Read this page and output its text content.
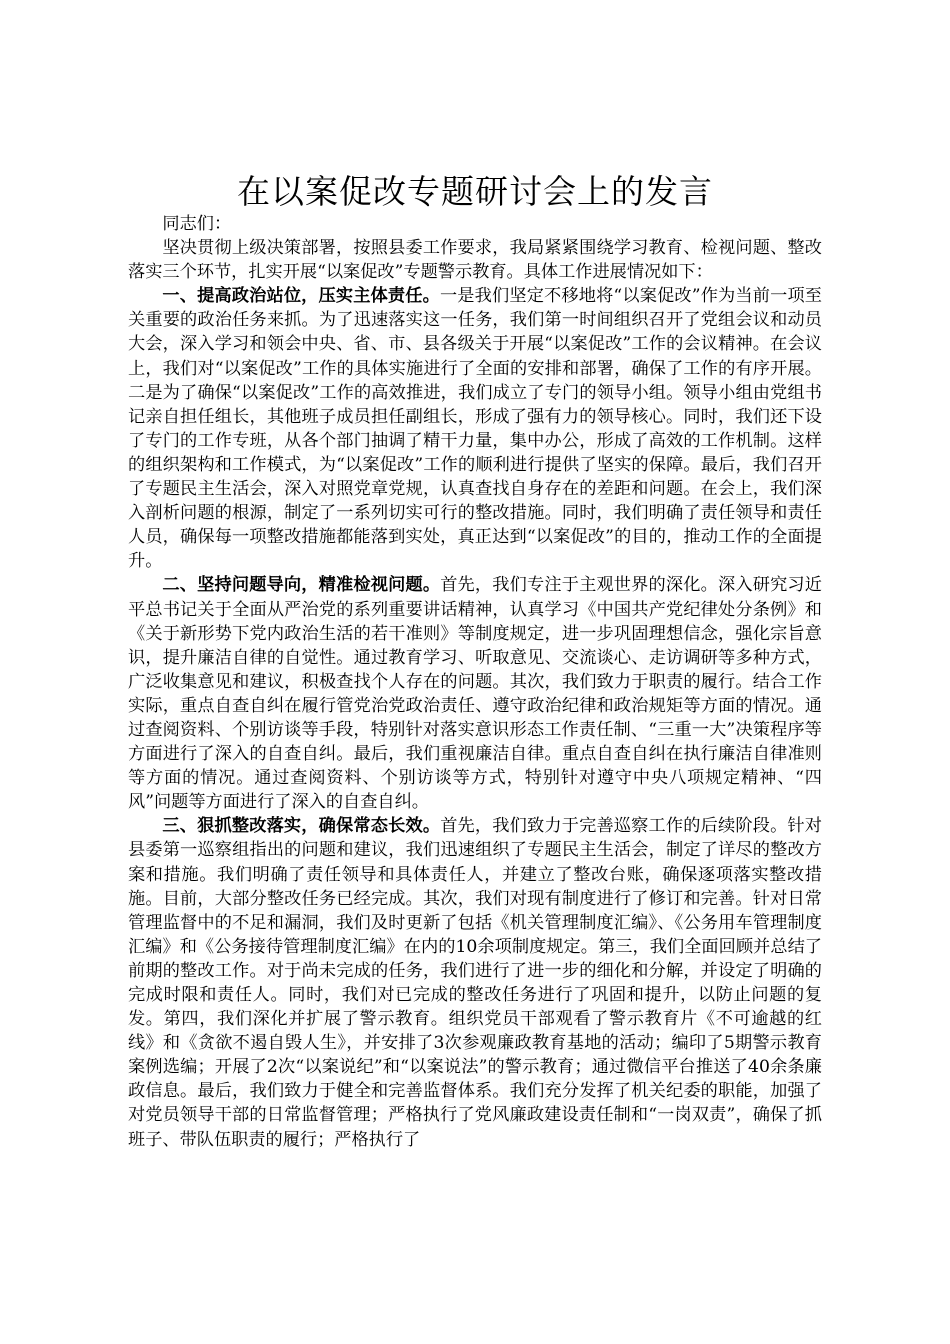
在以案促改专题研讨会上的发言

同志们：

坚决贯彻上级决策部署，按照县委工作要求，我局紧紧围绕学习教育、检视问题、整改落实三个环节，扎实开展“以案促改”专题警示教育。具体工作进展情况如下：

一、提高政治站位，压实主体责任。一是我们坚定不移地将“以案促改”作为当前一项至关重要的政治任务来抓。为了迅速落实这一任务，我们第一时间组织召开了党组会议和动员大会，深入学习和领会中央、省、市、县各级关于开展“以案促改”工作的会议精神。在会议上，我们对“以案促改”工作的具体实施进行了全面的安排和部署，确保了工作的有序开展。二是为了确保“以案促改”工作的高效推进，我们成立了专门的领导小组。领导小组由党组书记亲自担任组长，其他班子成员担任副组长，形成了强有力的领导核心。同时，我们还下设了专门的工作专班，从各个部门抽调了精干力量，集中办公，形成了高效的工作机制。这样的组织架构和工作模式，为“以案促改”工作的顺利进行提供了坚实的保障。最后，我们召开了专题民主生活会，深入对照党章党规，认真查找自身存在的差距和问题。在会上，我们深入剖析问题的根源，制定了一系列切实可行的整改措施。同时，我们明确了责任领导和责任人员，确保每一项整改措施都能落到实处，真正达到“以案促改”的目的，推动工作的全面提升。

二、坚持问题导向，精准检视问题。首先，我们专注于主观世界的深化。深入研究习近平总书记关于全面从严治党的系列重要讲话精神，认真学习《中国共产党纪律处分条例》和《关于新形势下党内政治生活的若干准则》等制度规定，进一步巩固理想信念，强化宗旨意识，提升廉洁自律的自觉性。通过教育学习、听取意见、交流谈心、走访调研等多种方式，广泛收集意见和建议，积极查找个人存在的问题。其次，我们致力于职责的履行。结合工作实际，重点自查自纠在履行管党治党政治责任、遵守政治纪律和政治规矩等方面的情况。通过查阅资料、个别访谈等手段，特别针对落实意识形态工作责任制、“三重一大”决策程序等方面进行了深入的自查自纠。最后，我们重视廉洁自律。重点自查自纠在执行廉洁自律准则等方面的情况。通过查阅资料、个别访谈等方式，特别针对遵守中央八项规定精神、“四风”问题等方面进行了深入的自查自纠。

三、狠抓整改落实，确保常态长效。首先，我们致力于完善巡察工作的后续阶段。针对县委第一巡察组指出的问题和建议，我们迅速组织了专题民主生活会，制定了详尽的整改方案和措施。我们明确了责任领导和具体责任人，并建立了整改台账，确保逐项落实整改措施。目前，大部分整改任务已经完成。其次，我们对现有制度进行了修订和完善。针对日常管理监督中的不足和漏洞，我们及时更新了包括《机关管理制度汇编》、《公务用车管理制度汇编》和《公务接待管理制度汇编》在内的10余项制度规定。第三，我们全面回顾并总结了前期的整改工作。对于尚未完成的任务，我们进行了进一步的细化和分解，并设定了明确的完成时限和责任人。同时，我们对已完成的整改任务进行了巩固和提升，以防止问题的复发。第四，我们深化并扩展了警示教育。组织党员干部观看了警示教育片《不可逾越的红线》和《贪欲不遏自毁人生》，并安排了3次参观廉政教育基地的活动；编印了5期警示教育案例选编；开展了2次“以案说纪”和“以案说法”的警示教育；通过微信平台推送了40余条廉政信息。最后，我们致力于健全和完善监督体系。我们充分发挥了机关纪委的职能，加强了对党员领导干部的日常监督管理；严格执行了党风廉政建设责任制和“一岗双责”，确保了抓班子、带队伍职责的履行；严格执行了
